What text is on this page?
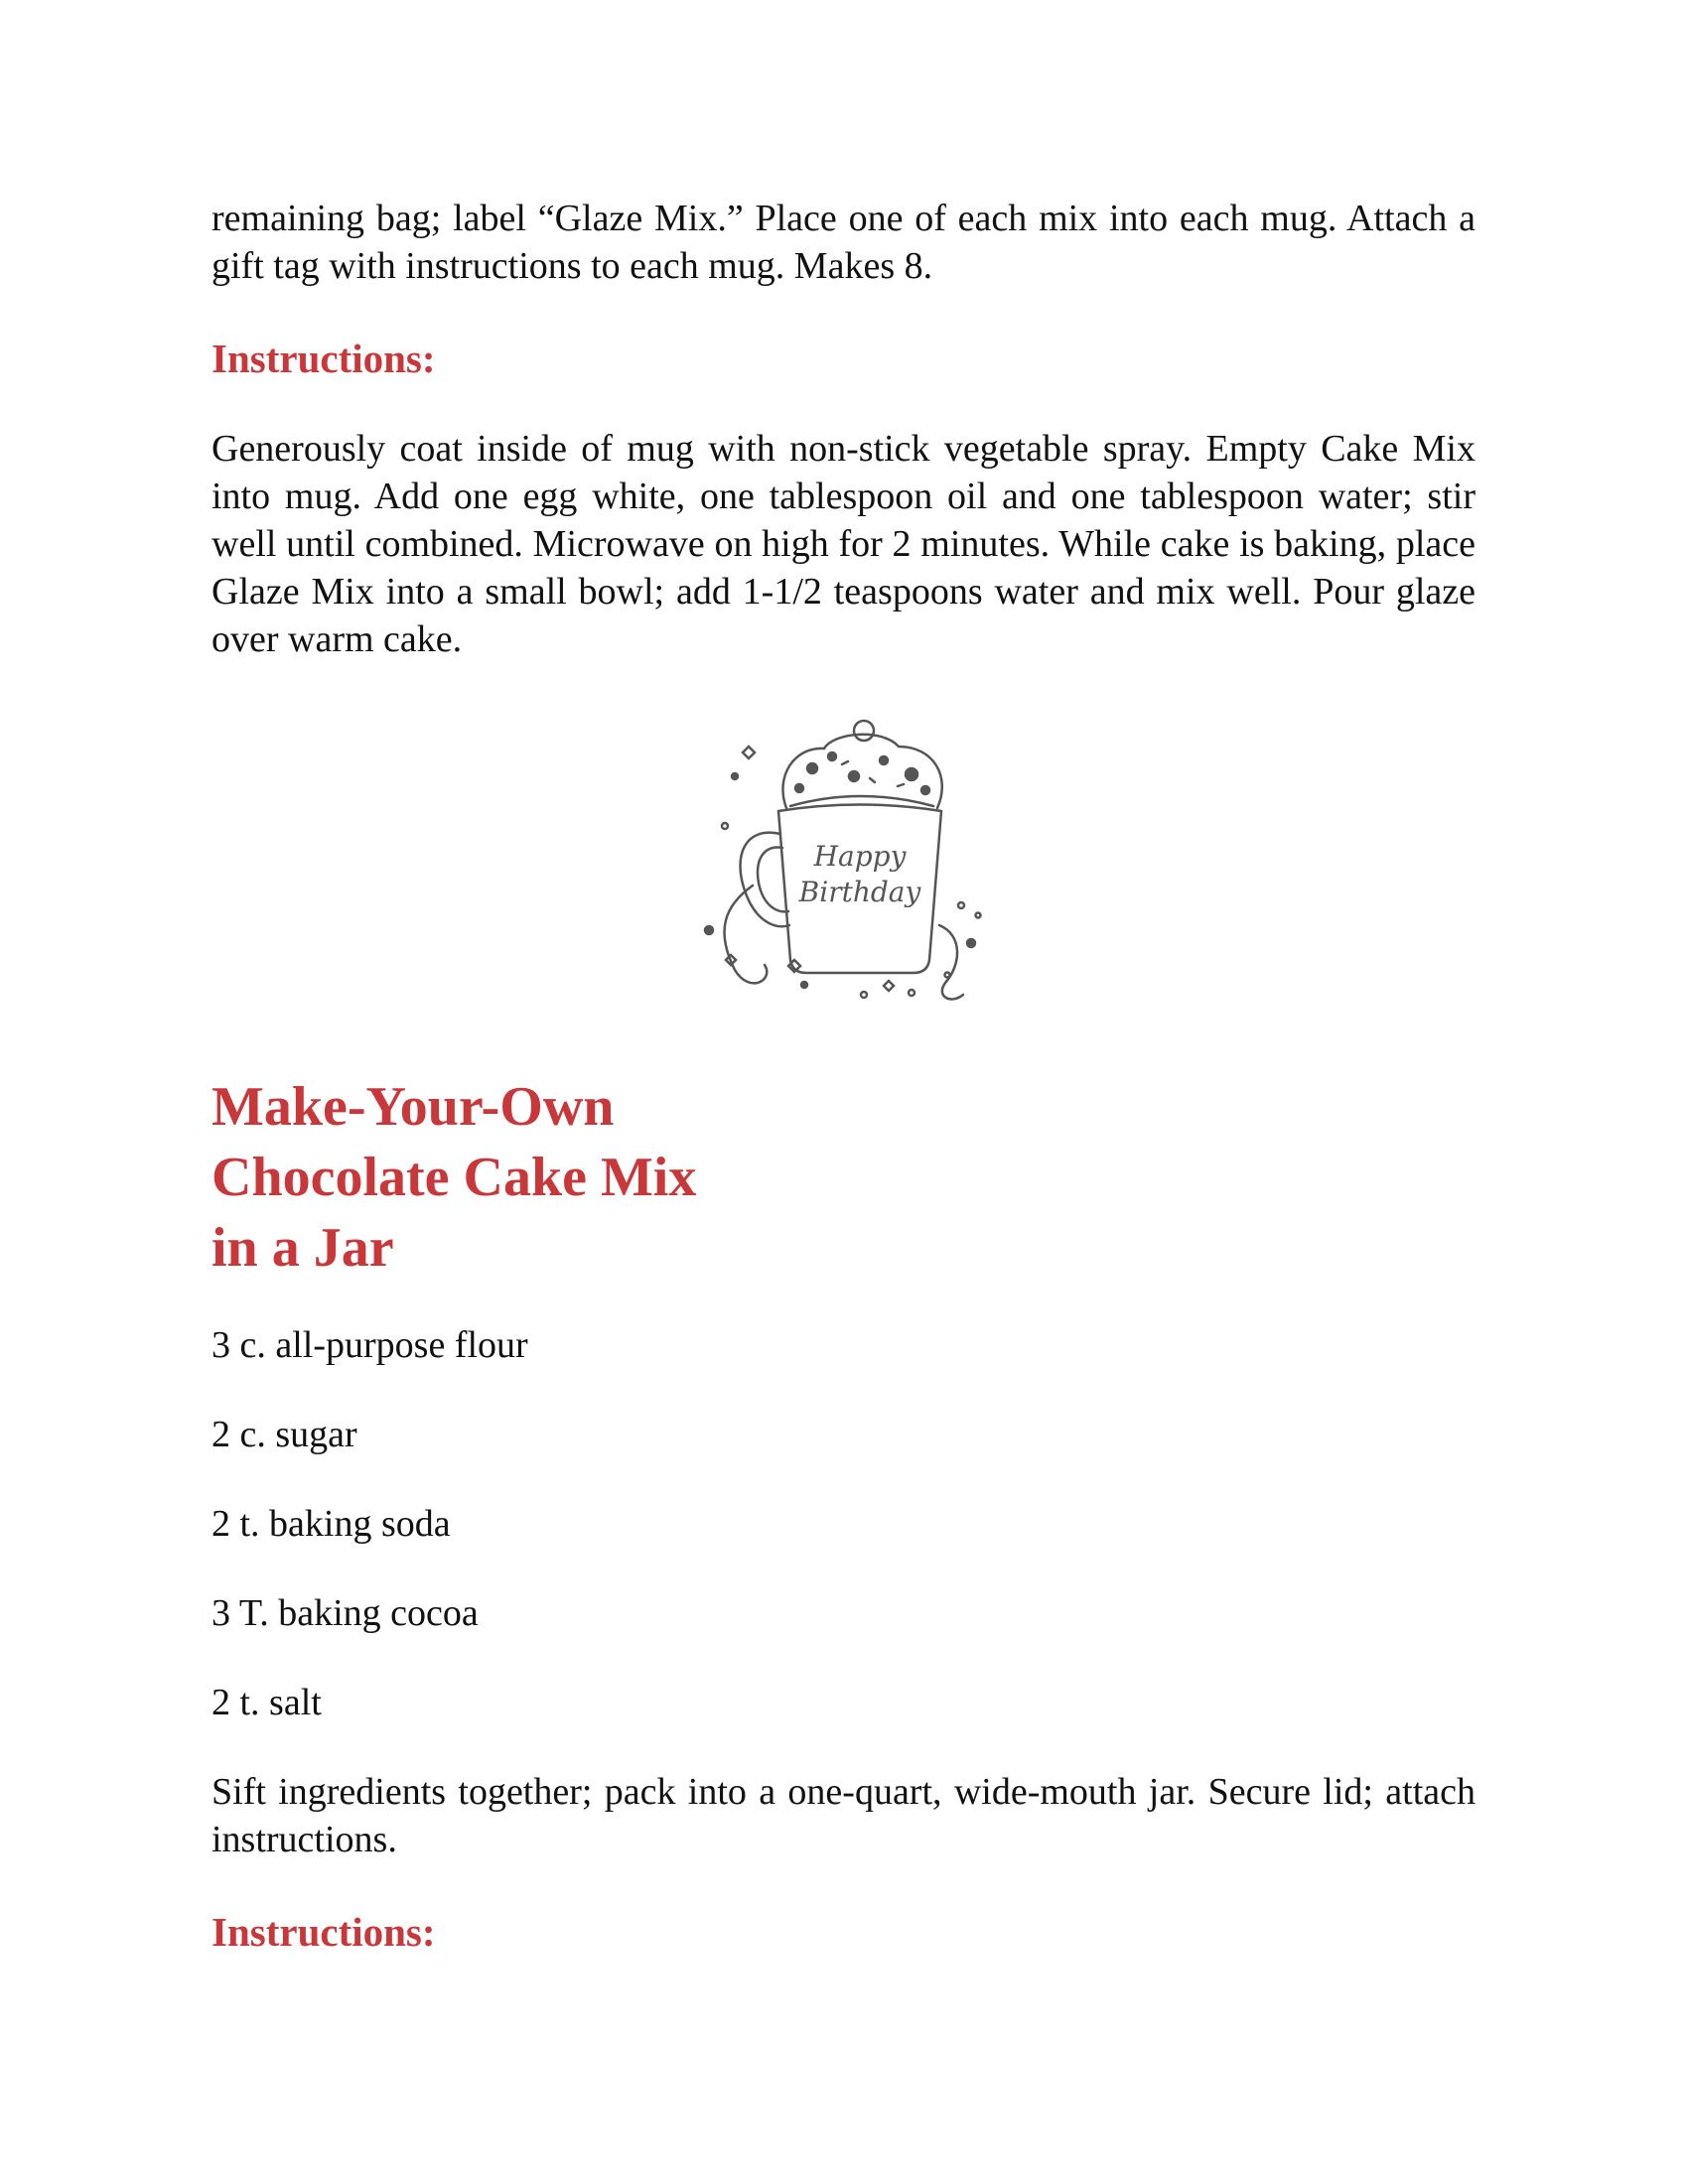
remaining bag; label “Glaze Mix.” Place one of each mix into each mug. Attach a gift tag with instructions to each mug. Makes 8.

Instructions:

Generously coat inside of mug with non-stick vegetable spray. Empty Cake Mix into mug. Add one egg white, one tablespoon oil and one tablespoon water; stir well until combined. Microwave on high for 2 minutes. While cake is baking, place Glaze Mix into a small bowl; add 1-1/2 teaspoons water and mix well. Pour glaze over warm cake.

Happy
Birthday
Make-Your-Own
Chocolate Cake Mix
in a Jar

3 c. all-purpose flour

2 c. sugar

2 t. baking soda

3 T. baking cocoa

2 t. salt

Sift ingredients together; pack into a one-quart, wide-mouth jar. Secure lid; attach instructions.

Instructions:
